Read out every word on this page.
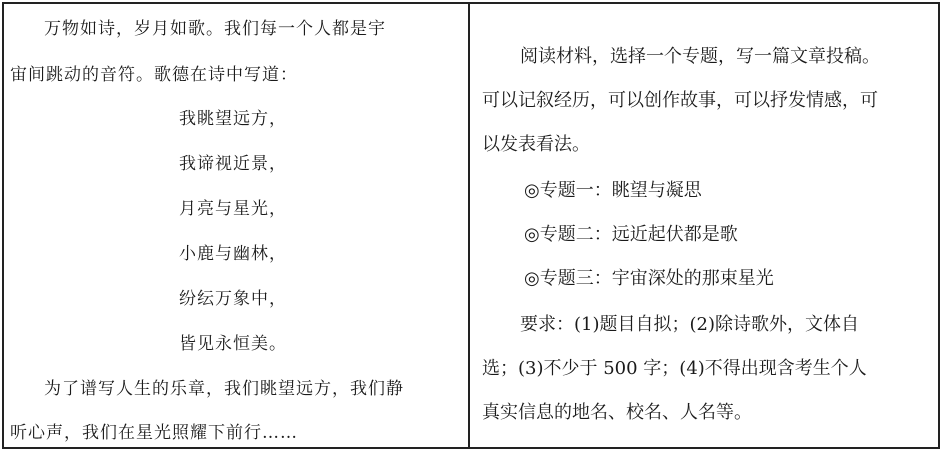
万物如诗，岁月如歌。我们每一个人都是宇
宙间跳动的音符。歌德在诗中写道：
我眺望远方，
我谛视近景，
月亮与星光，
小鹿与幽林，
纷纭万象中，
皆见永恒美。
为了谱写人生的乐章，我们眺望远方，我们静
听心声，我们在星光照耀下前行……
阅读材料，选择一个专题，写一篇文章投稿。
可以记叙经历，可以创作故事，可以抒发情感，可
以发表看法。
◎专题一：眺望与凝思
◎专题二：远近起伏都是歌
◎专题三：宇宙深处的那束星光
要求：(1)题目自拟；(2)除诗歌外，文体自
选；(3)不少于 500 字；(4)不得出现含考生个人
真实信息的地名、校名、人名等。
